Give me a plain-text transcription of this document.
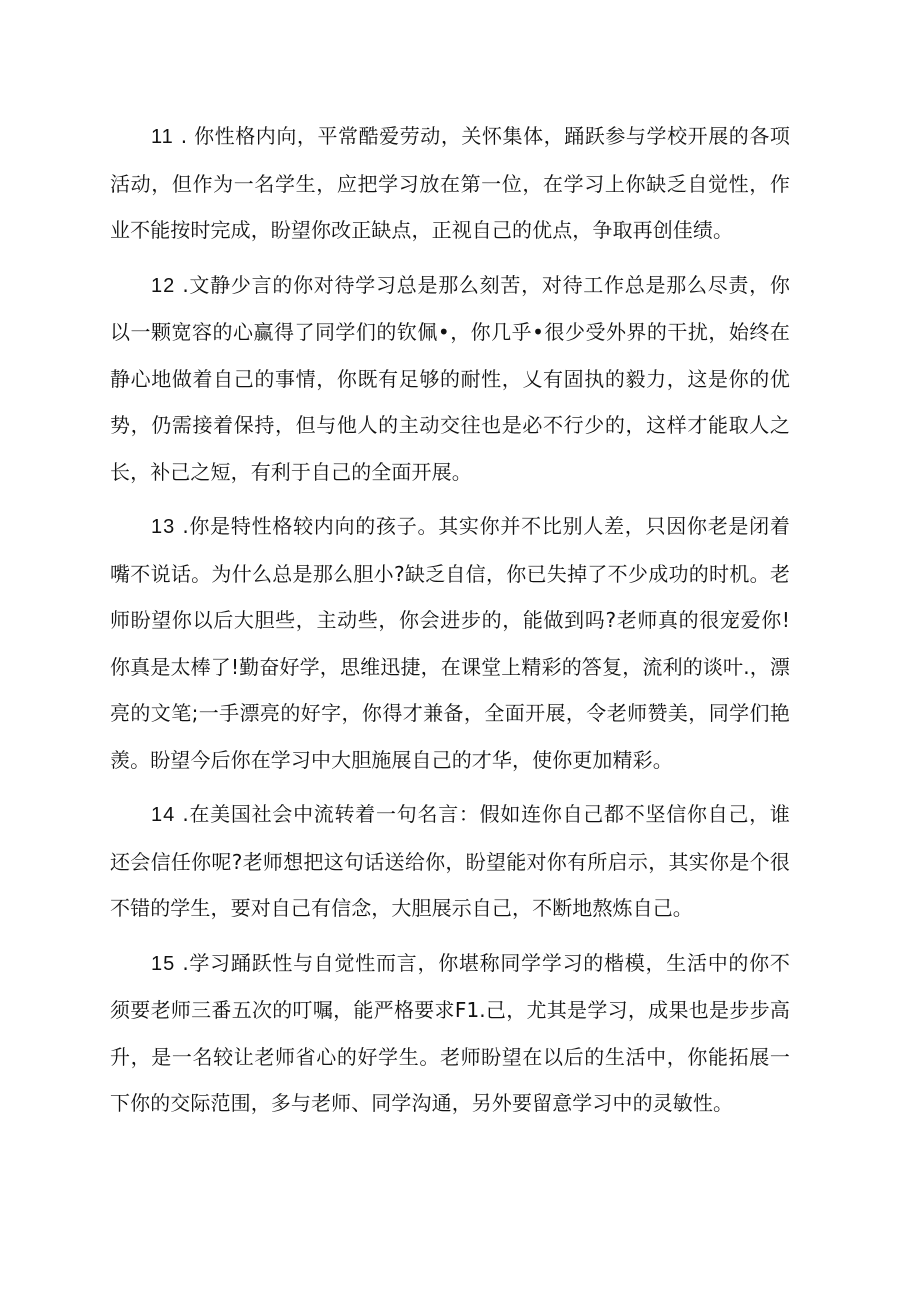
11 . 你性格内向，平常酷爱劳动，关怀集体，踊跃参与学校开展的各项活动，但作为一名学生，应把学习放在第一位，在学习上你缺乏自觉性，作业不能按时完成，盼望你改正缺点，正视自己的优点，争取再创佳绩。

12 .文静少言的你对待学习总是那么刻苦，对待工作总是那么尽责，你以一颗宽容的心赢得了同学们的钦佩•，你几乎•很少受外界的干扰，始终在静心地做着自己的事情，你既有足够的耐性，乂有固执的毅力，这是你的优势，仍需接着保持，但与他人的主动交往也是必不行少的，这样才能取人之长，补己之短，有利于自己的全面开展。

13 .你是特性格较内向的孩子。其实你并不比别人差，只因你老是闭着嘴不说话。为什么总是那么胆小?缺乏自信，你已失掉了不少成功的时机。老师盼望你以后大胆些，主动些，你会进步的，能做到吗?老师真的很宠爱你!你真是太棒了!勤奋好学，思维迅捷，在课堂上精彩的答复，流利的谈叶.，漂亮的文笔;一手漂亮的好字，你得才兼备，全面开展，令老师赞美，同学们艳羡。盼望今后你在学习中大胆施展自己的才华，使你更加精彩。

14 .在美国社会中流转着一句名言：假如连你自己都不坚信你自己，谁还会信任你呢?老师想把这句话送给你，盼望能对你有所启示，其实你是个很不错的学生，要对自己有信念，大胆展示自己，不断地熬炼自己。

15 .学习踊跃性与自觉性而言，你堪称同学学习的楷模，生活中的你不须要老师三番五次的叮嘱，能严格要求F1.己，尤其是学习，成果也是步步高升，是一名较让老师省心的好学生。老师盼望在以后的生活中，你能拓展一下你的交际范围，多与老师、同学沟通，另外要留意学习中的灵敏性。
